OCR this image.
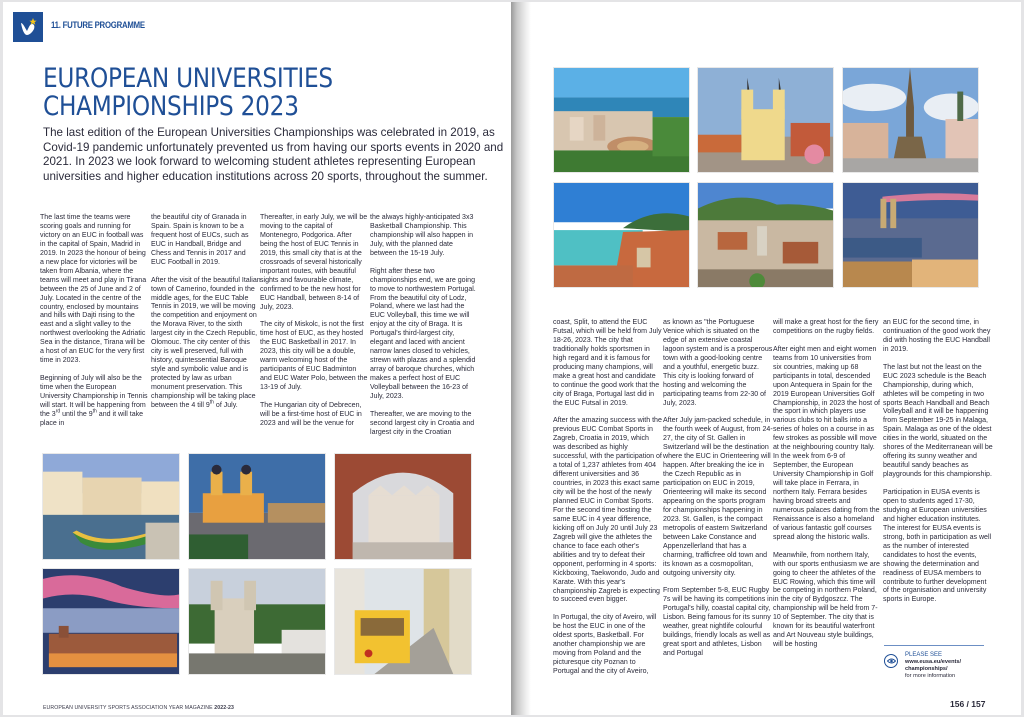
11. FUTURE PROGRAMME
EUROPEAN UNIVERSITIES
CHAMPIONSHIPS 2023

The last edition of the European Universities Championships was celebrated in 2019, as Covid-19 pandemic unfortunately prevented us from having our sports events in 2020 and 2021. In 2023 we look forward to welcoming student athletes representing European universities and higher education institutions across 20 sports, throughout the summer.

The last time the teams were scoring goals and running for victory on an EUC in football was in the capital of Spain, Madrid in 2019. In 2023 the honour of being a new place for victories will be taken from Albania, where the teams will meet and play in Tirana between the 25 of June and 2 of July. Located in the centre of the country, enclosed by mountains and hills with Dajti rising to the east and a slight valley to the northwest overlooking the Adriatic Sea in the distance, Tirana will be a host of an EUC for the very first time in 2023.

Beginning of July will also be the time when the European University Championship in Tennis will start. It will be happening from the 3rd until the 9th and it will take place in

the beautiful city of Granada in Spain. Spain is known to be a frequent host of EUCs, such as EUC in Handball, Bridge and Chess and Tennis in 2017 and EUC Football in 2019.

After the visit of the beautiful Italian town of Camerino, founded in the middle ages, for the EUC Table Tennis in 2019, we will be moving the competition and enjoyment on the Morava River, to the sixth largest city in the Czech Republic, Olomouc. The city center of this city is well preserved, full with history, quintessential Baroque style and symbolic value and is protected by law as urban monument preservation. This championship will be taking place between the 4 till 9th of July.

Thereafter, in early July, we will be moving to the capital of Montenegro, Podgorica. After being the host of EUC Tennis in 2019, this small city that is at the crossroads of several historically important routes, with beautiful sights and favourable climate, confirmed to be the new host for EUC Handball, between 8-14 of July, 2023.

The city of Miskolc, is not the first time host of EUC, as they hosted the EUC Basketball in 2017. In 2023, this city will be a double, warm welcoming host of the participants of EUC Badminton and EUC Water Polo, between the 13-19 of July.

The Hungarian city of Debrecen, will be a first-time host of EUC in 2023 and will be the venue for

the always highly-anticipated 3x3 Basketball Championship. This championship will also happen in July, with the planned date between the 15-19 July.

Right after these two championships end, we are going to move to northwestern Portugal. From the beautiful city of Lodz, Poland, where we last had the EUC Volleyball, this time we will enjoy at the city of Braga. It is Portugal's third-largest city, elegant and laced with ancient narrow lanes closed to vehicles, strewn with plazas and a splendid array of baroque churches, which makes a perfect host of EUC Volleyball between the 16-23 of July, 2023.

Thereafter, we are moving to the second largest city in Croatia and largest city in the Croatian

EUROPEAN UNIVERSITY SPORTS ASSOCIATION YEAR MAGAZINE 2022-23

coast, Split, to attend the EUC Futsal, which will be held from July 18-26, 2023. The city that traditionally holds sportsmen in high regard and it is famous for producing many champions, will make a great host and candidate to continue the good work that the city of Braga, Portugal last did in the EUC Futsal in 2019.

After the amazing success with the previous EUC Combat Sports in Zagreb, Croatia in 2019, which was described as highly successful, with the participation of a total of 1,237 athletes from 404 different universities and 36 countries, in 2023 this exact same city will be the host of the newly planned EUC in Combat Sports. For the second time hosting the same EUC in 4 year difference, kicking off on July 20 until July 23 Zagreb will give the athletes the chance to face each other's abilities and try to defeat their opponent, performing in 4 sports: Kickboxing, Taekwondo, Judo and Karate. With this year's championship Zagreb is expecting to succeed even bigger.

In Portugal, the city of Aveiro, will be host the EUC in one of the oldest sports, Basketball. For another championship we are moving from Poland and the picturesque city Poznan to Portugal and the city of Aveiro,

as known as "the Portuguese Venice which is situated on the edge of an extensive coastal lagoon system and is a prosperous town with a good-looking centre and a youthful, energetic buzz. This city is looking forward of hosting and welcoming the participating teams from 22-30 of July, 2023.

After July jam-packed schedule, in the fourth week of August, from 24-27, the city of St. Gallen in Switzerland will be the destination where the EUC in Orienteering will happen. After breaking the ice in the Czech Republic as in participation on EUC in 2019, Orienteering will make its second appearing on the sports program for championships happening in 2023. St. Gallen, is the compact metropolis of eastern Switzerland between Lake Constance and Appenzellerland that has a charming, trafficfree old town and its known as a cosmopolitan, outgoing university city.

From September 5-8, EUC Rugby 7s will be having its competitions in Portugal's hilly, coastal capital city, Lisbon. Being famous for its sunny weather, great nightlife colourful buildings, friendly locals as well as great sport and athletes, Lisbon and Portugal

will make a great host for the fiery competitions on the rugby fields.

After eight men and eight women teams from 10 universities from six countries, making up 68 participants in total, descended upon Antequera in Spain for the 2019 European Universities Golf Championship, in 2023 the host of the sport in which players use various clubs to hit balls into a series of holes on a course in as few strokes as possible will move at the neighbouring country Italy. In the week from 6-9 of September, the European University Championship in Golf will take place in Ferrara, in northern Italy. Ferrara besides having broad streets and numerous palaces dating from the Renaissance is also a homeland of various fantastic golf courses spread along the historic walls.

Meanwhile, from northern Italy, with our sports enthusiasm we are going to cheer the athletes of the EUC Rowing, which this time will be competing in northern Poland, in the city of Bydgoszcz. The championship will be held from 7-10 of September. The city that is known for its beautiful waterfront and Art Nouveau style buildings, will be hosting

an EUC for the second time, in continuation of the good work they did with hosting the EUC Handball in 2019.

The last but not the least on the EUC 2023 schedule is the Beach Championship, during which, athletes will be competing in two sports Beach Handball and Beach Volleyball and it will be happening from September 19-25 in Malaga, Spain. Malaga as one of the oldest cities in the world, situated on the shores of the Mediterranean will be offering its sunny weather and beautiful sandy beaches as playgrounds for this championship.

Participation in EUSA events is open to students aged 17-30, studying at European universities and higher education institutes. The interest for EUSA events is strong, both in participation as well as the number of interested candidates to host the events, showing the determination and readiness of EUSA members to contribute to further development of the organisation and university sports in Europe.

PLEASE SEE
www.eusa.eu/events/
championships/
for more information
156 / 157
